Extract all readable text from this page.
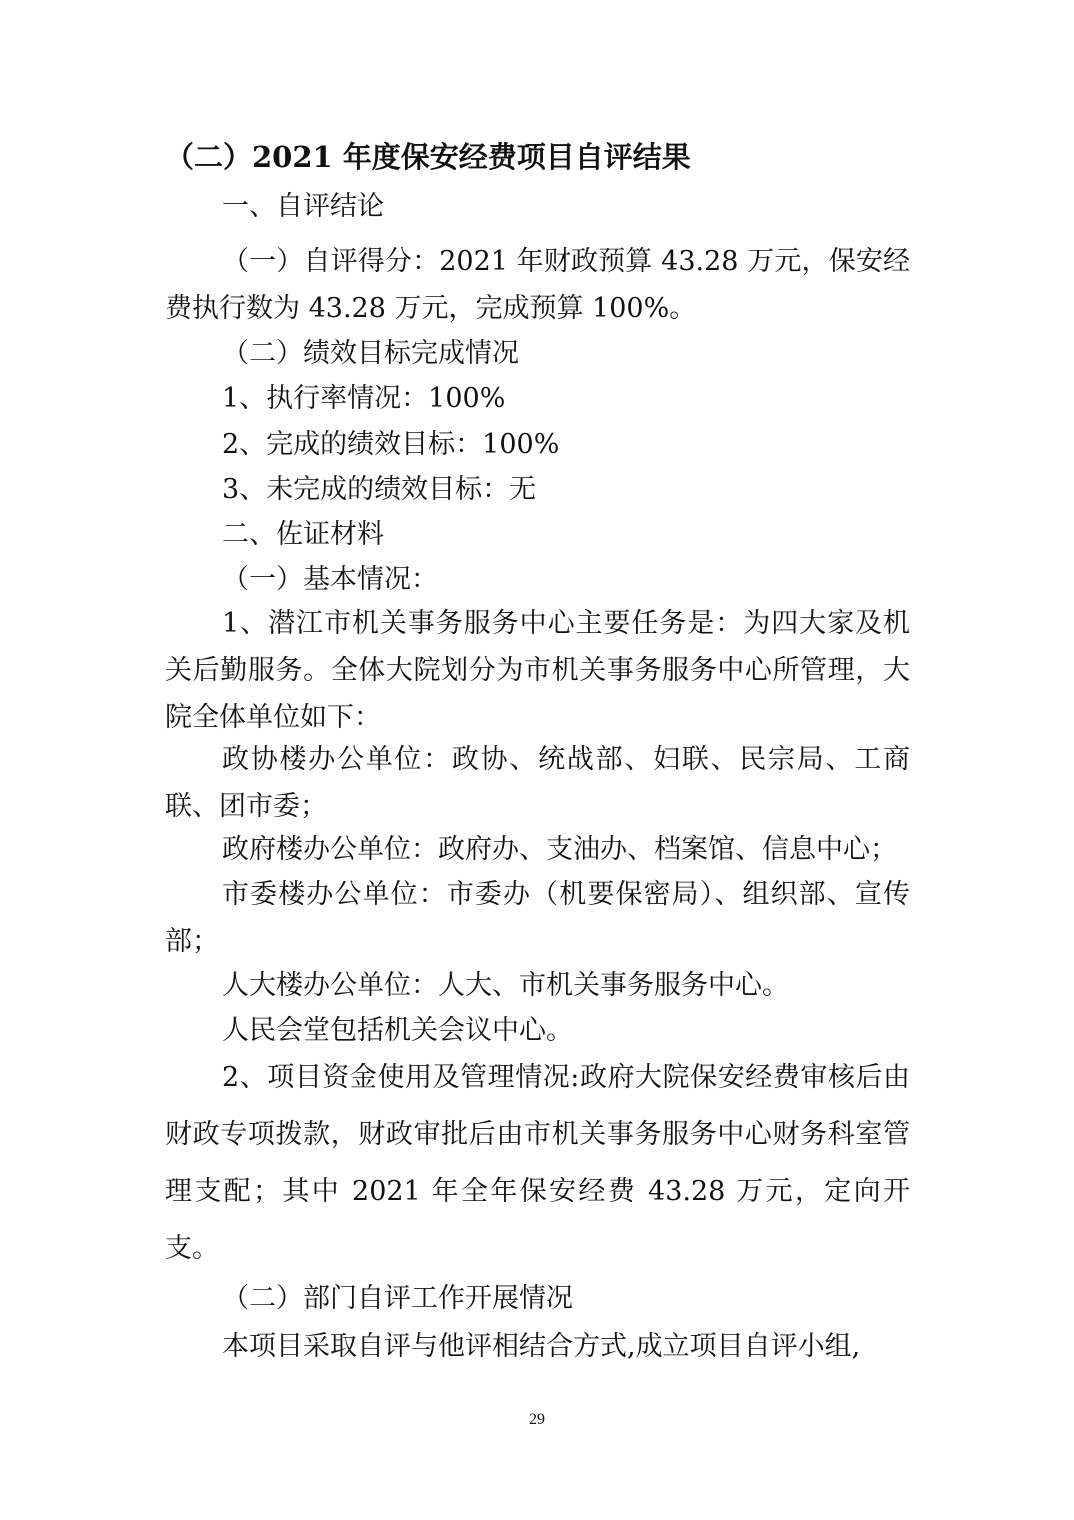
（二）2021 年度保安经费项目自评结果
一、自评结论
（一）自评得分：2021 年财政预算 43.28 万元，保安经费执行数为 43.28 万元，完成预算 100%。
（二）绩效目标完成情况
1、执行率情况：100%
2、完成的绩效目标：100%
3、未完成的绩效目标：无
二、佐证材料
（一）基本情况：
1、潜江市机关事务服务中心主要任务是：为四大家及机关后勤服务。全体大院划分为市机关事务服务中心所管理，大院全体单位如下：
政协楼办公单位：政协、统战部、妇联、民宗局、工商联、团市委；
政府楼办公单位：政府办、支油办、档案馆、信息中心；
市委楼办公单位：市委办（机要保密局）、组织部、宣传部；
人大楼办公单位：人大、市机关事务服务中心。
人民会堂包括机关会议中心。
2、项目资金使用及管理情况:政府大院保安经费审核后由财政专项拨款，财政审批后由市机关事务服务中心财务科室管理支配；其中 2021 年全年保安经费 43.28 万元，定向开支。
（二）部门自评工作开展情况
本项目采取自评与他评相结合方式,成立项目自评小组,
29
